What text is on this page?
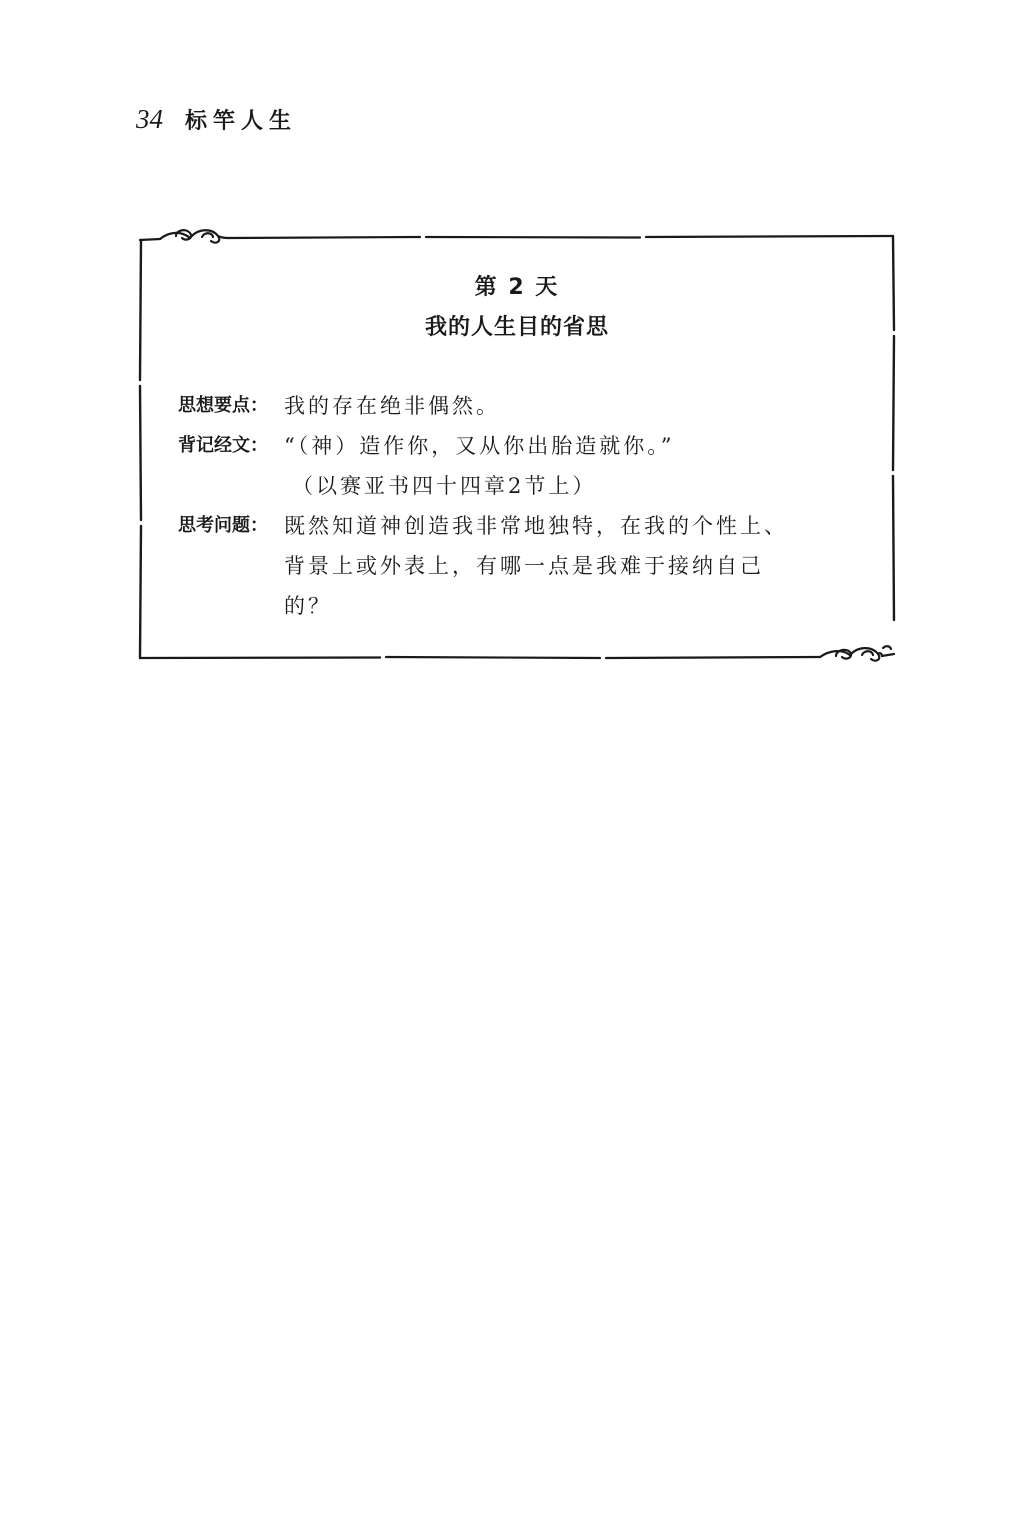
34 标竿人生
第 2 天
我的人生目的省思
思想要点： 我的存在绝非偶然。
背记经文： “（神）造作你，又从你出胎造就你。”
（以赛亚书四十四章2节上）
思考问题： 既然知道神创造我非常地独特，在我的个性上、
背景上或外表上，有哪一点是我难于接纳自己
的？
